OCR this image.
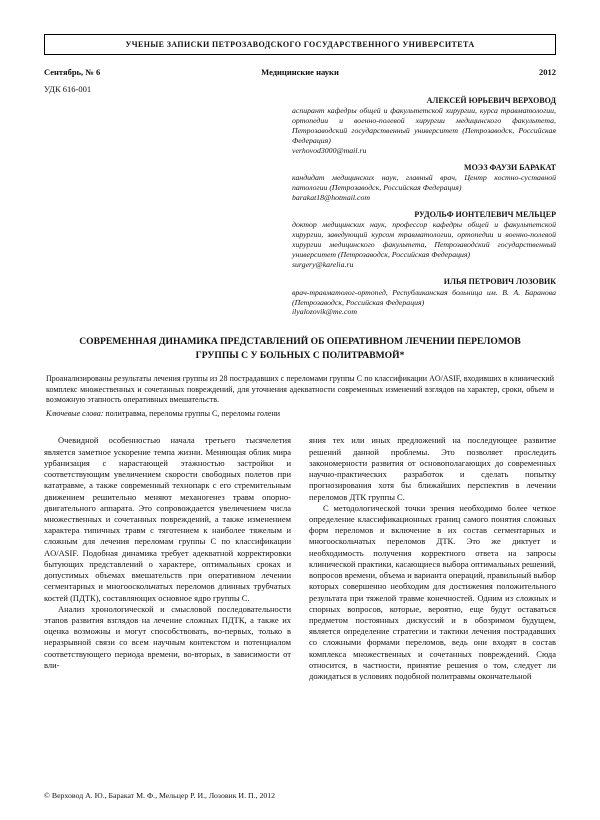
УЧЕНЫЕ ЗАПИСКИ ПЕТРОЗАВОДСКОГО ГОСУДАРСТВЕННОГО УНИВЕРСИТЕТА
Сентябрь, № 6	Медицинские науки	2012
УДК 616-001
АЛЕКСЕЙ ЮРЬЕВИЧ ВЕРХОВОД
аспирант кафедры общей и факультетской хирургии, курса травматологии, ортопедии и военно-полевой хирургии медицинского факультета, Петрозаводский государственный университет (Петрозаводск, Российская Федерация)
verhovod3000@mail.ru
МОЭЗ ФАУЗИ БАРАКАТ
кандидат медицинских наук, главный врач, Центр костно-суставной патологии (Петрозаводск, Российская Федерация)
barakat18@hotmail.com
РУДОЛЬФ ИОНТЕЛЕВИЧ МЕЛЬЦЕР
доктор медицинских наук, профессор кафедры общей и факультетской хирургии, заведующий курсом травматологии, ортопедии и военно-полевой хирургии медицинского факультета, Петрозаводский государственный университет (Петрозаводск, Российская Федерация)
surgery@karelia.ru
ИЛЬЯ ПЕТРОВИЧ ЛОЗОВИК
врач-травматолог-ортопед, Республиканская больница им. В. А. Баранова (Петрозаводск, Российская Федерация)
ilyalozovik@me.com
СОВРЕМЕННАЯ ДИНАМИКА ПРЕДСТАВЛЕНИЙ ОБ ОПЕРАТИВНОМ ЛЕЧЕНИИ ПЕРЕЛОМОВ ГРУППЫ С У БОЛЬНЫХ С ПОЛИТРАВМОЙ*

Проанализированы результаты лечения группы из 28 пострадавших с переломами группы С по классификации AO/ASIF, входивших в клинический комплекс множественных и сочетанных повреждений, для уточнения адекватности современных изменений взглядов на характер, сроки, объем и возможную этапность оперативных вмешательств.

Ключевые слова: политравма, переломы группы С, переломы голени

Очевидной особенностью начала третьего тысячелетия является заметное ускорение темпа жизни. Меняющая облик мира урбанизация с нарастающей этажностью застройки и соответствующим увеличением скорости свободных полетов при кататравме, а также современный технопарк с его стремительным движением решительно меняют механогенез травм опорно-двигательного аппарата. Это сопровождается увеличением числа множественных и сочетанных повреждений, а также изменением характера типичных травм с тяготением к наиболее тяжелым и сложным для лечения переломам группы С по классификации AO/ASIF. Подобная динамика требует адекватной корректировки бытующих представлений о характере, оптимальных сроках и допустимых объемах вмешательств при оперативном лечении сегментарных и многооскольчатых переломов длинных трубчатых костей (ПДТК), составляющих основное ядро группы С.

Анализ хронологической и смысловой последовательности этапов развития взглядов на лечение сложных ПДТК, а также их оценка возможны и могут способствовать, во-первых, только в неразрывной связи со всем научным контекстом и потенциалом соответствующего периода времени, во-вторых, в зависимости от вли-

яния тех или иных предложений на последующее развитие решений данной проблемы. Это позволяет проследить закономерности развития от основополагающих до современных научно-практических разработок и сделать попытку прогнозирования хотя бы ближайших перспектив в лечении переломов ДТК группы С.

С методологической точки зрения необходимо более четкое определение классификационных границ самого понятия сложных форм переломов и включение в их состав сегментарных и многооскольчатых переломов ДТК. Это же диктует и необходимость получения корректного ответа на запросы клинической практики, касающиеся выбора оптимальных решений, вопросов времени, объема и варианта операций, правильный выбор которых совершенно необходим для достижения положительного результата при тяжелой травме конечностей. Одним из сложных и спорных вопросов, которые, вероятно, еще будут оставаться предметом постоянных дискуссий и в обозримом будущем, является определение стратегии и тактики лечения пострадавших со сложными формами переломов, ведь они входят в состав комплекса множественных и сочетанных повреждений. Сюда относится, в частности, принятие решения о том, следует ли дожидаться в условиях подобной политравмы окончательной

© Верховод А. Ю., Баракат М. Ф., Мельцер Р. И., Лозовик И. П., 2012
